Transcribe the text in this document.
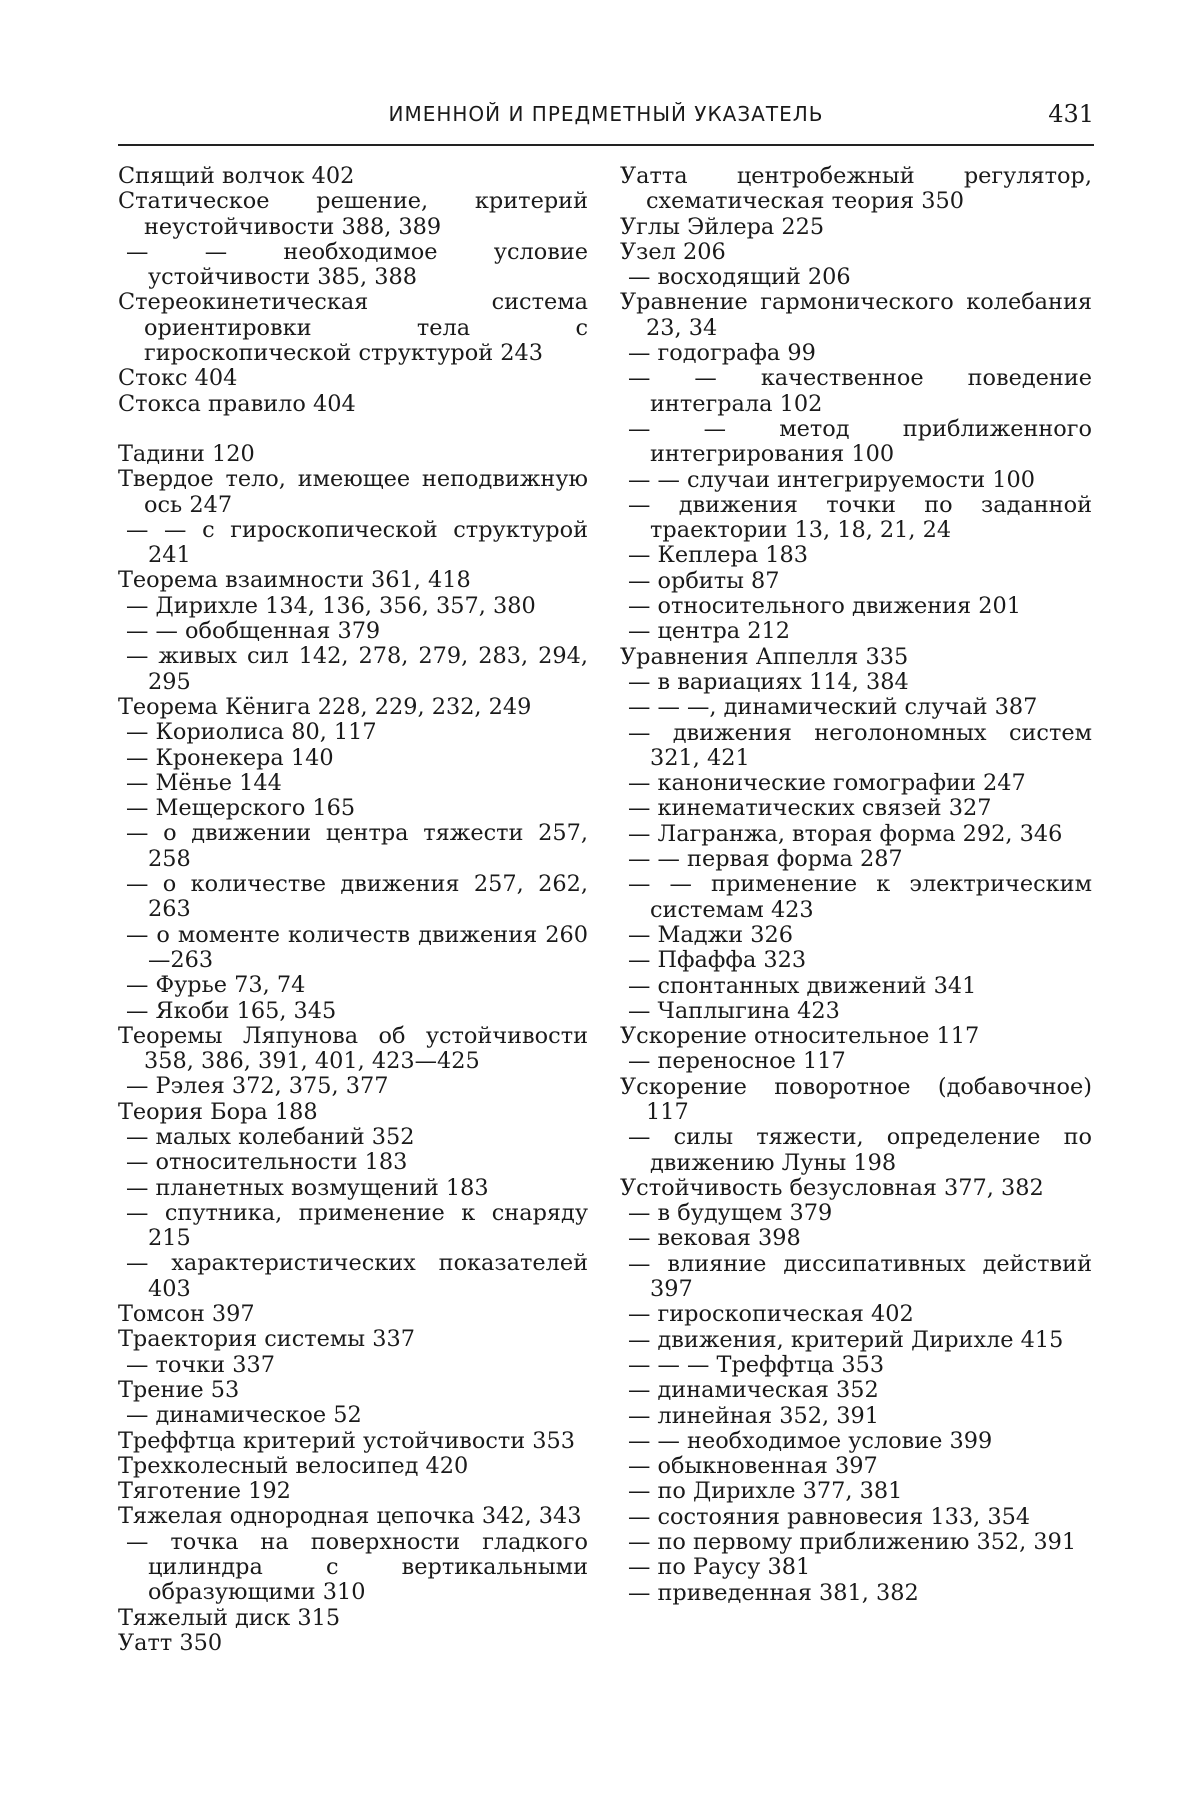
ИМЕННОЙ И ПРЕДМЕТНЫЙ УКАЗАТЕЛЬ	431

Спящий волчок 402

Статическое решение, критерий неустойчивости 388, 389

— — необходимое условие устойчивости 385, 388

Стереокинетическая система ориентировки тела с гироскопической структурой 243

Стокс 404

Стокса правило 404

Тадини 120

Твердое тело, имеющее неподвижную ось 247

— — с гироскопической структурой 241

Теорема взаимности 361, 418

— Дирихле 134, 136, 356, 357, 380

— — обобщенная 379

— живых сил 142, 278, 279, 283, 294, 295

Теорема Кёнига 228, 229, 232, 249

— Кориолиса 80, 117

— Кронекера 140

— Мёнье 144

— Мещерского 165

— о движении центра тяжести 257, 258

— о количестве движения 257, 262, 263

— о моменте количеств движения 260—263

— Фурье 73, 74

— Якоби 165, 345

Теоремы Ляпунова об устойчивости 358, 386, 391, 401, 423—425

— Рэлея 372, 375, 377

Теория Бора 188

— малых колебаний 352

— относительности 183

— планетных возмущений 183

— спутника, применение к снаряду 215

— характеристических показателей 403

Томсон 397

Траектория системы 337

— точки 337

Трение 53

— динамическое 52

Треффтца критерий устойчивости 353

Трехколесный велосипед 420

Тяготение 192

Тяжелая однородная цепочка 342, 343

— точка на поверхности гладкого цилиндра с вертикальными образующими 310

Тяжелый диск 315

Уатт 350

Уатта центробежный регулятор, схематическая теория 350

Углы Эйлера 225

Узел 206

— восходящий 206

Уравнение гармонического колебания 23, 34

— годографа 99

— — качественное поведение интеграла 102

— — метод приближенного интегрирования 100

— — случаи интегрируемости 100

— движения точки по заданной траектории 13, 18, 21, 24

— Кеплера 183

— орбиты 87

— относительного движения 201

— центра 212

Уравнения Аппелля 335

— в вариациях 114, 384

— — —, динамический случай 387

— движения неголономных систем 321, 421

— канонические гомографии 247

— кинематических связей 327

— Лагранжа, вторая форма 292, 346

— — первая форма 287

— — применение к электрическим системам 423

— Маджи 326

— Пфаффа 323

— спонтанных движений 341

— Чаплыгина 423

Ускорение относительное 117

— переносное 117

Ускорение поворотное (добавочное) 117

— силы тяжести, определение по движению Луны 198

Устойчивость безусловная 377, 382

— в будущем 379

— вековая 398

— влияние диссипативных действий 397

— гироскопическая 402

— движения, критерий Дирихле 415

— — — Треффтца 353

— динамическая 352

— линейная 352, 391

— — необходимое условие 399

— обыкновенная 397

— по Дирихле 377, 381

— состояния равновесия 133, 354

— по первому приближению 352, 391

— по Раусу 381

— приведенная 381, 382
